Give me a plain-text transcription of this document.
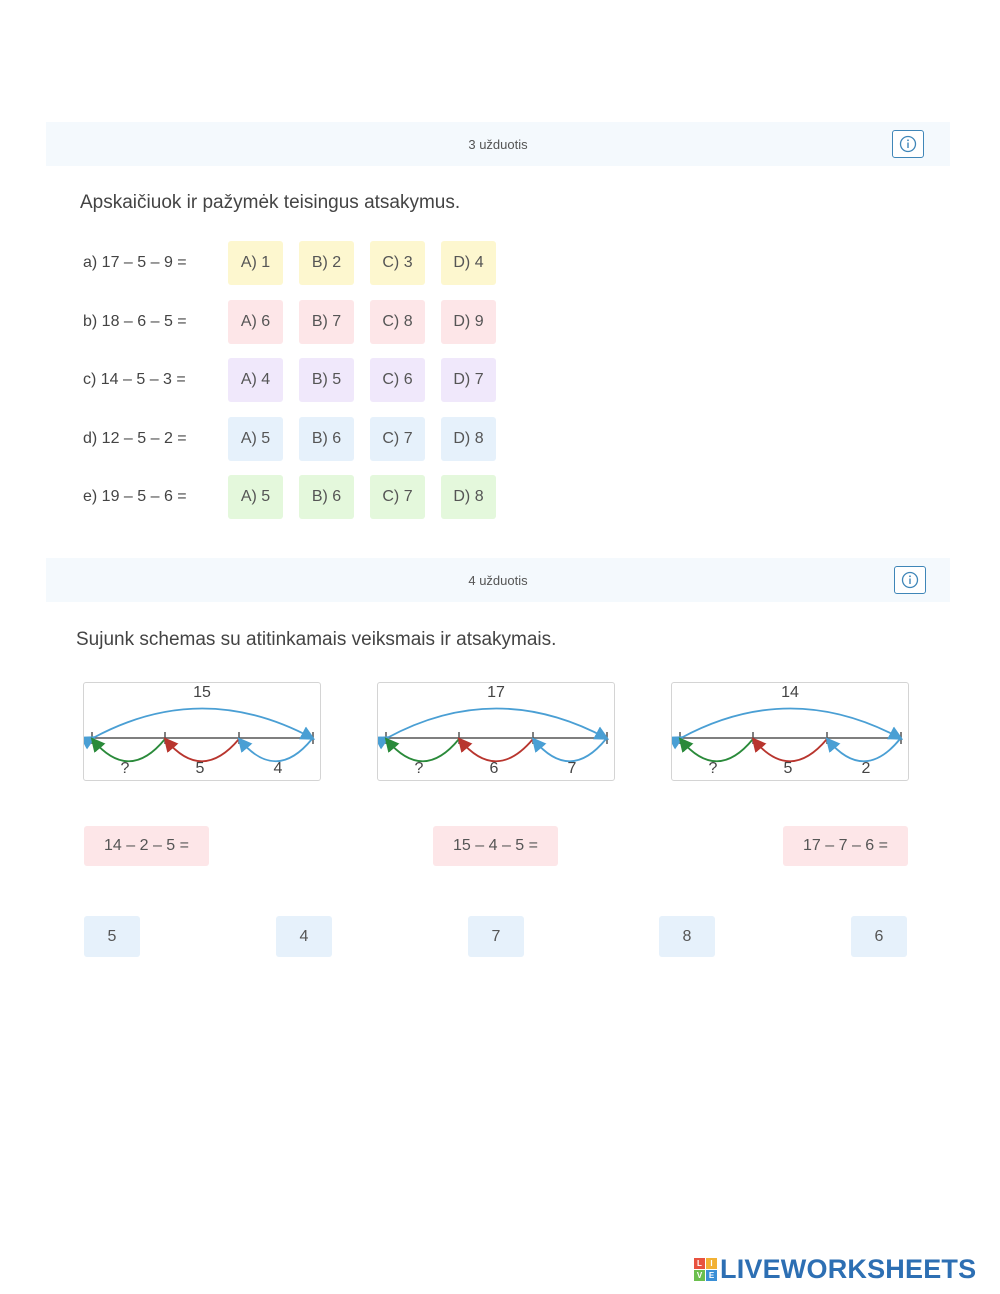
3 užduotis
Apskaičiuok ir pažymėk teisingus atsakymus.
a) 17 – 5 – 9 =	A) 1	B) 2	C) 3	D) 4
b) 18 – 6 – 5 =	A) 6	B) 7	C) 8	D) 9
c) 14 – 5 – 3 =	A) 4	B) 5	C) 6	D) 7
d) 12 – 5 – 2 =	A) 5	B) 6	C) 7	D) 8
e) 19 – 5 – 6 =	A) 5	B) 6	C) 7	D) 8
4 užduotis
Sujunk schemas su atitinkamais veiksmais ir atsakymais.
15
?	5	4
17
?	6	7
14
?	5	2
14 – 2 – 5 =	15 – 4 – 5 =	17 – 7 – 6 =
5	4	7	8	6
L	I
V E LIVEWORKSHEETS
